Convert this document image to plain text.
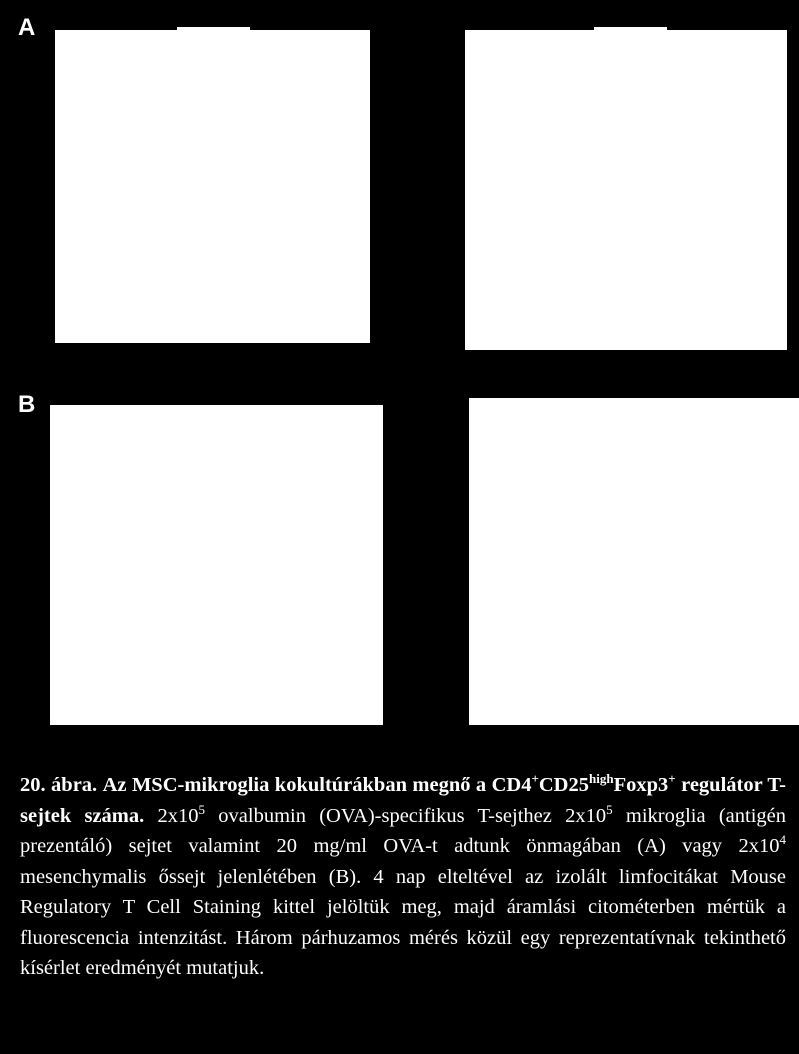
A
B
20. ábra. Az MSC-mikroglia kokultúrákban megnő a $CD4^+CD25^{high}Foxp3^+$ regulátor T-sejtek száma. $2x10^5$ ovalbumin (OVA)-specifikus T-sejthez $2x10^5$ mikroglia (antigén prezentáló) sejtet valamint 20 mg/ml OVA-t adtunk önmagában (A) vagy $2x10^4$ mesenchymalis őssejt jelenlétében (B). 4 nap elteltével az izolált limfocitákat Mouse Regulatory T Cell Staining kittel jelöltük meg, majd áramlási citométerben mértük a fluorescencia intenzitást. Három párhuzamos mérés közül egy reprezentatívnak tekinthető kísérlet eredményét mutatjuk.
